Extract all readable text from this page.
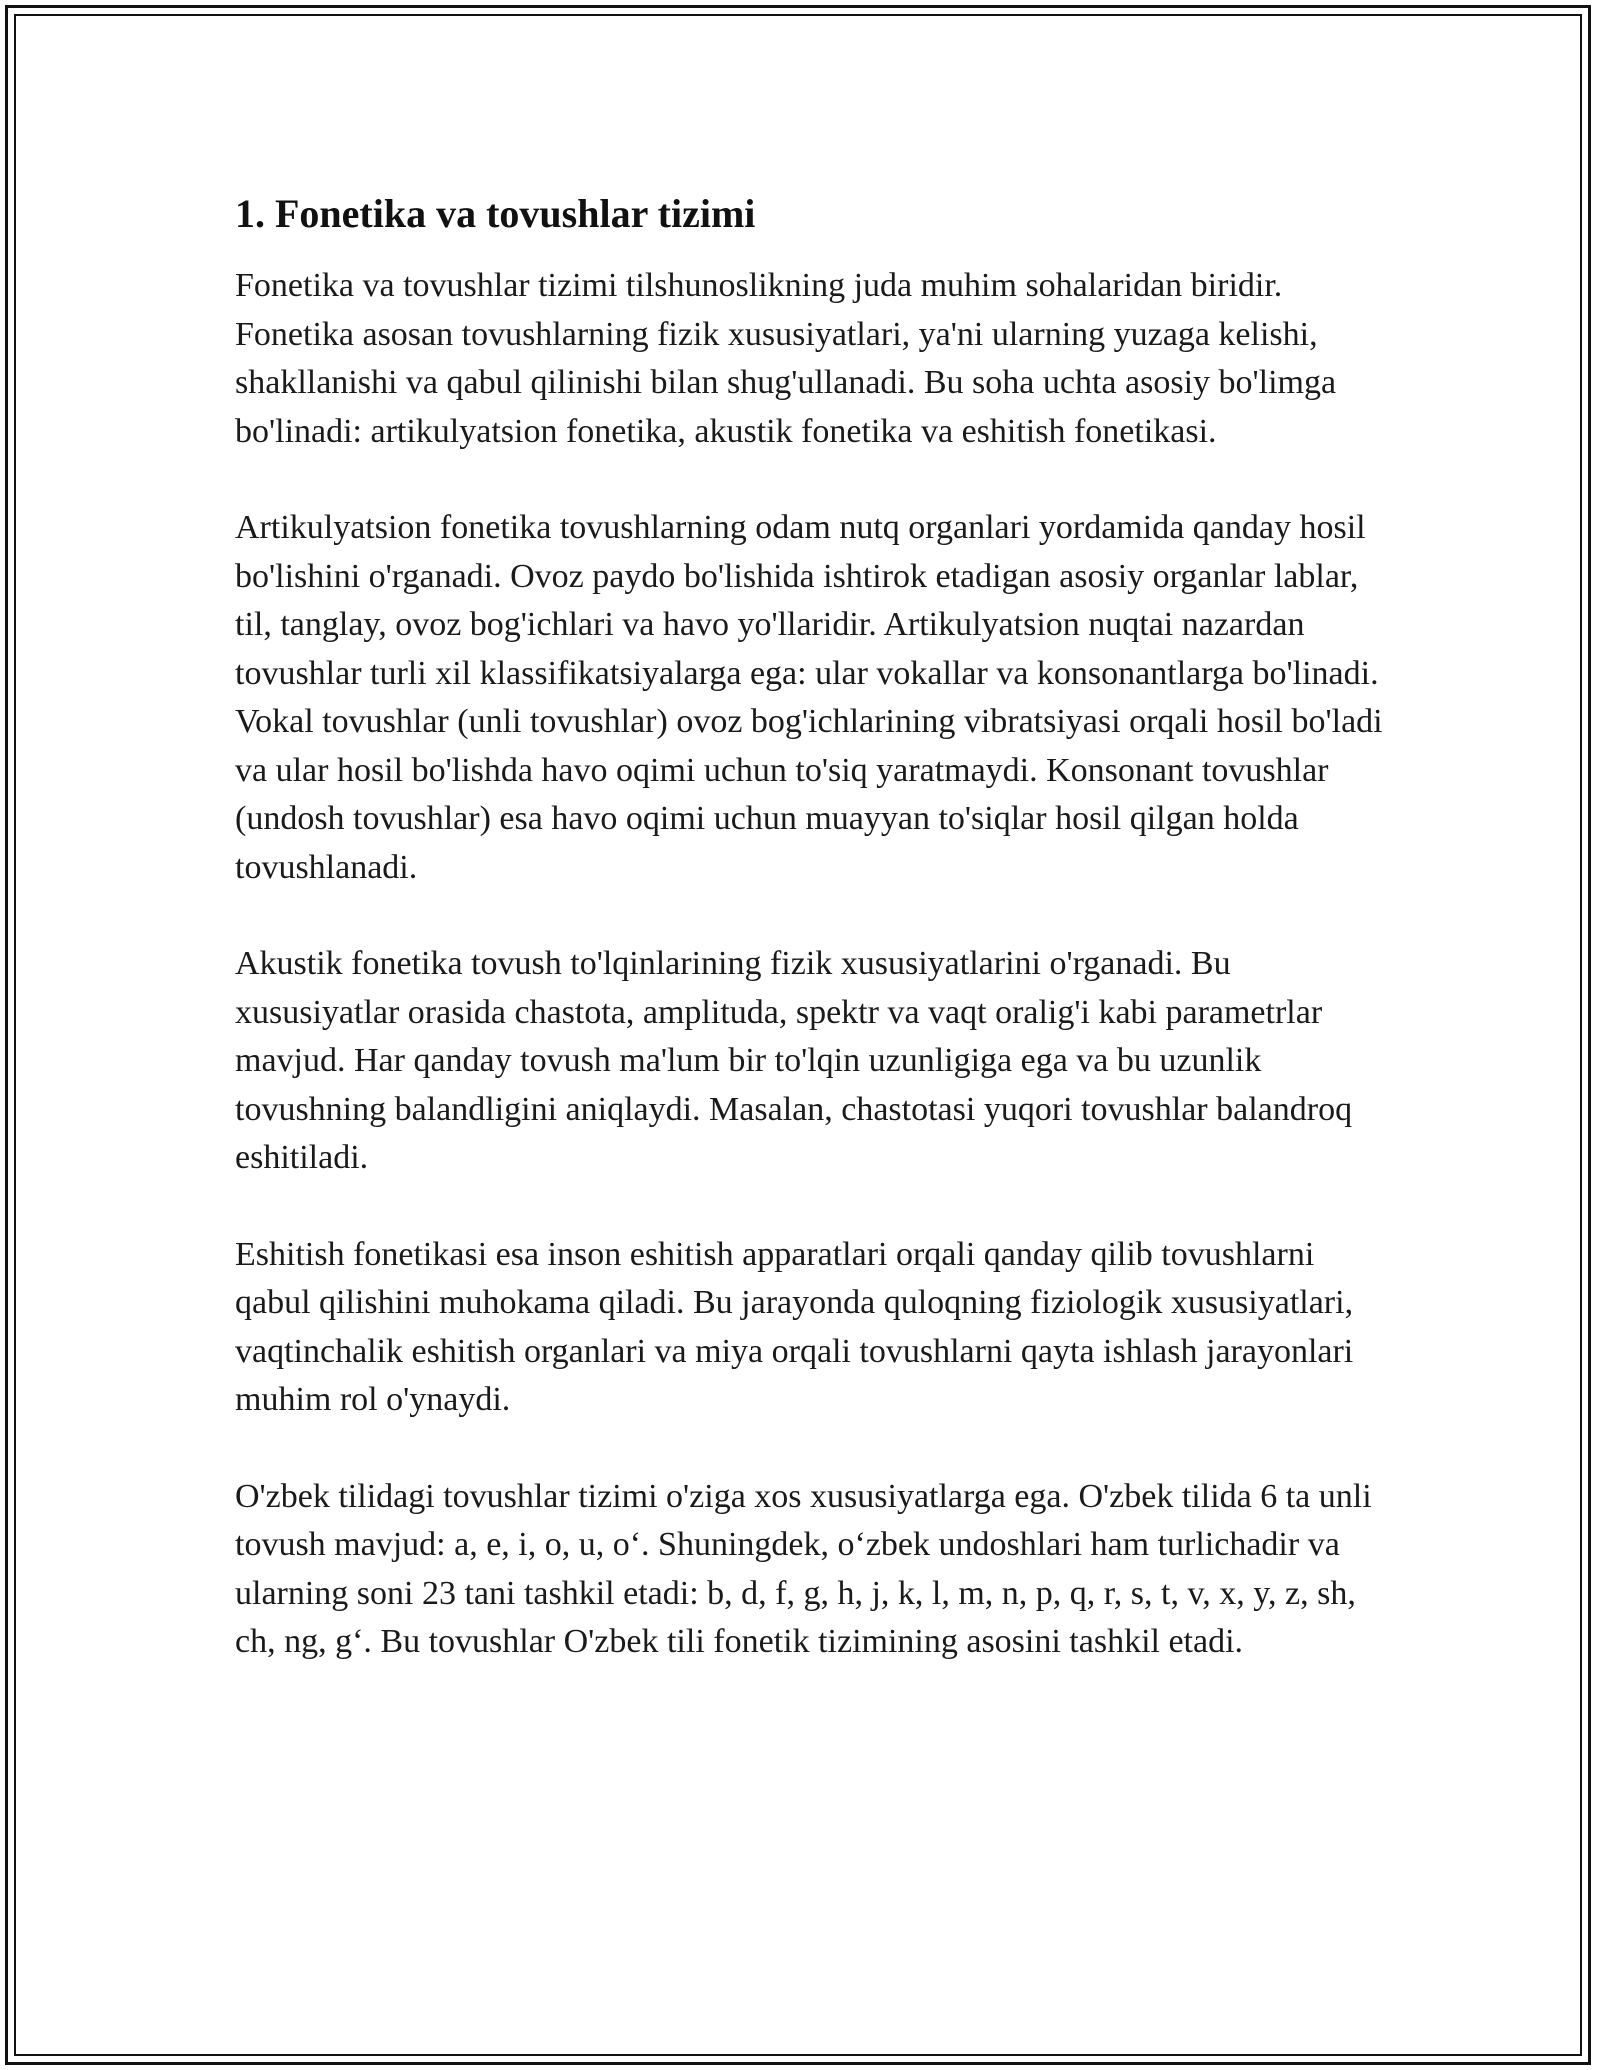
1. Fonetika va tovushlar tizimi

Fonetika va tovushlar tizimi tilshunoslikning juda muhim sohalaridan biridir. Fonetika asosan tovushlarning fizik xususiyatlari, ya'ni ularning yuzaga kelishi, shakllanishi va qabul qilinishi bilan shug'ullanadi. Bu soha uchta asosiy bo'limga bo'linadi: artikulyatsion fonetika, akustik fonetika va eshitish fonetikasi.

Artikulyatsion fonetika tovushlarning odam nutq organlari yordamida qanday hosil bo'lishini o'rganadi. Ovoz paydo bo'lishida ishtirok etadigan asosiy organlar lablar, til, tanglay, ovoz bog'ichlari va havo yo'llaridir. Artikulyatsion nuqtai nazardan tovushlar turli xil klassifikatsiyalarga ega: ular vokallar va konsonantlarga bo'linadi. Vokal tovushlar (unli tovushlar) ovoz bog'ichlarining vibratsiyasi orqali hosil bo'ladi va ular hosil bo'lishda havo oqimi uchun to'siq yaratmaydi. Konsonant tovushlar (undosh tovushlar) esa havo oqimi uchun muayyan to'siqlar hosil qilgan holda tovushlanadi.

Akustik fonetika tovush to'lqinlarining fizik xususiyatlarini o'rganadi. Bu xususiyatlar orasida chastota, amplituda, spektr va vaqt oralig'i kabi parametrlar mavjud. Har qanday tovush ma'lum bir to'lqin uzunligiga ega va bu uzunlik tovushning balandligini aniqlaydi. Masalan, chastotasi yuqori tovushlar balandroq eshitiladi.

Eshitish fonetikasi esa inson eshitish apparatlari orqali qanday qilib tovushlarni qabul qilishini muhokama qiladi. Bu jarayonda quloqning fiziologik xususiyatlari, vaqtinchalik eshitish organlari va miya orqali tovushlarni qayta ishlash jarayonlari muhim rol o'ynaydi.

O'zbek tilidagi tovushlar tizimi o'ziga xos xususiyatlarga ega. O'zbek tilida 6 ta unli tovush mavjud: a, e, i, o, u, o‘. Shuningdek, o‘zbek undoshlari ham turlichadir va ularning soni 23 tani tashkil etadi: b, d, f, g, h, j, k, l, m, n, p, q, r, s, t, v, x, y, z, sh, ch, ng, g‘. Bu tovushlar O'zbek tili fonetik tizimining asosini tashkil etadi.
